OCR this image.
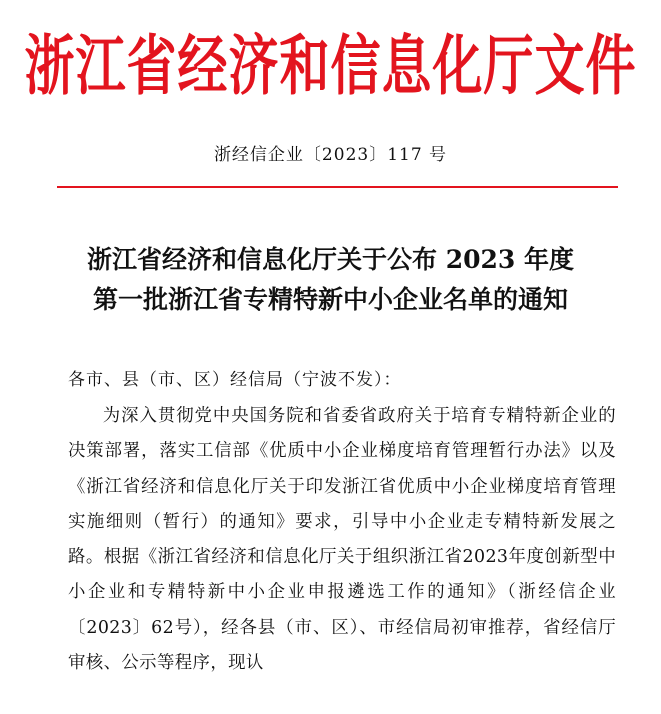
浙江省经济和信息化厅文件
浙经信企业〔2023〕117 号
浙江省经济和信息化厅关于公布 2023 年度
第一批浙江省专精特新中小企业名单的通知
各市、县（市、区）经信局（宁波不发）：

为深入贯彻党中央国务院和省委省政府关于培育专精特新企业的决策部署，落实工信部《优质中小企业梯度培育管理暂行办法》以及《浙江省经济和信息化厅关于印发浙江省优质中小企业梯度培育管理实施细则（暂行）的通知》要求，引导中小企业走专精特新发展之路。根据《浙江省经济和信息化厅关于组织浙江省2023年度创新型中小企业和专精特新中小企业申报遴选工作的通知》（浙经信企业〔2023〕62号），经各县（市、区）、市经信局初审推荐，省经信厅审核、公示等程序，现认
